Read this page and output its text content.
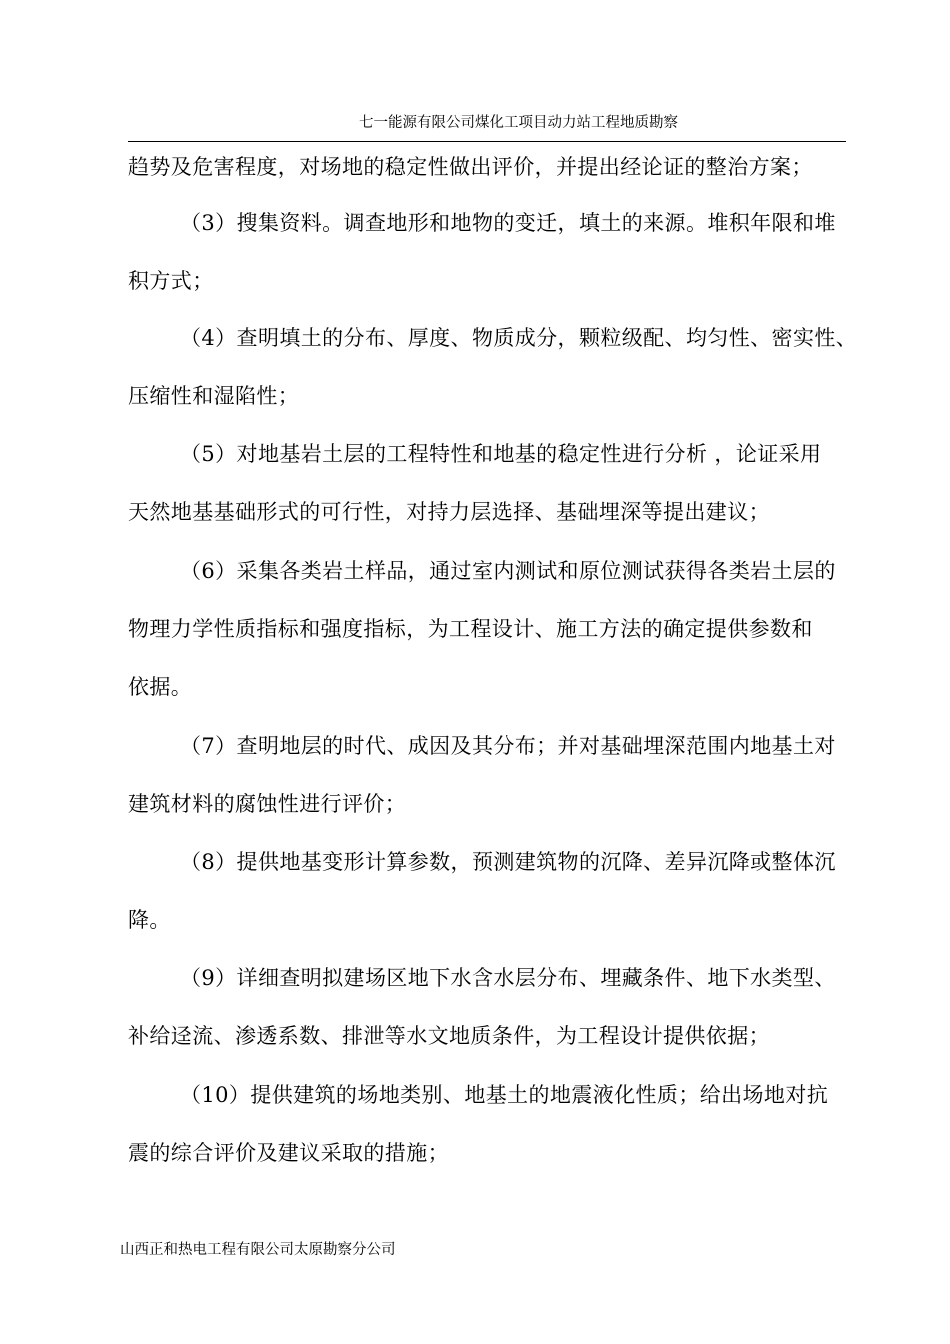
七一能源有限公司煤化工项目动力站工程地质勘察
趋势及危害程度，对场地的稳定性做出评价，并提出经论证的整治方案；
（3）搜集资料。调查地形和地物的变迁，填土的来源。堆积年限和堆
积方式；
（4）查明填土的分布、厚度、物质成分，颗粒级配、均匀性、密实性、
压缩性和湿陷性；
（5）对地基岩土层的工程特性和地基的稳定性进行分析 ，论证采用
天然地基基础形式的可行性，对持力层选择、基础埋深等提出建议；
（6）采集各类岩土样品，通过室内测试和原位测试获得各类岩土层的
物理力学性质指标和强度指标，为工程设计、施工方法的确定提供参数和
依据。
（7）查明地层的时代、成因及其分布；并对基础埋深范围内地基土对
建筑材料的腐蚀性进行评价；
（8）提供地基变形计算参数，预测建筑物的沉降、差异沉降或整体沉
降。
（9）详细查明拟建场区地下水含水层分布、埋藏条件、地下水类型、
补给迳流、渗透系数、排泄等水文地质条件，为工程设计提供依据；
（10）提供建筑的场地类别、地基土的地震液化性质；给出场地对抗
震的综合评价及建议采取的措施；
山西正和热电工程有限公司太原勘察分公司
